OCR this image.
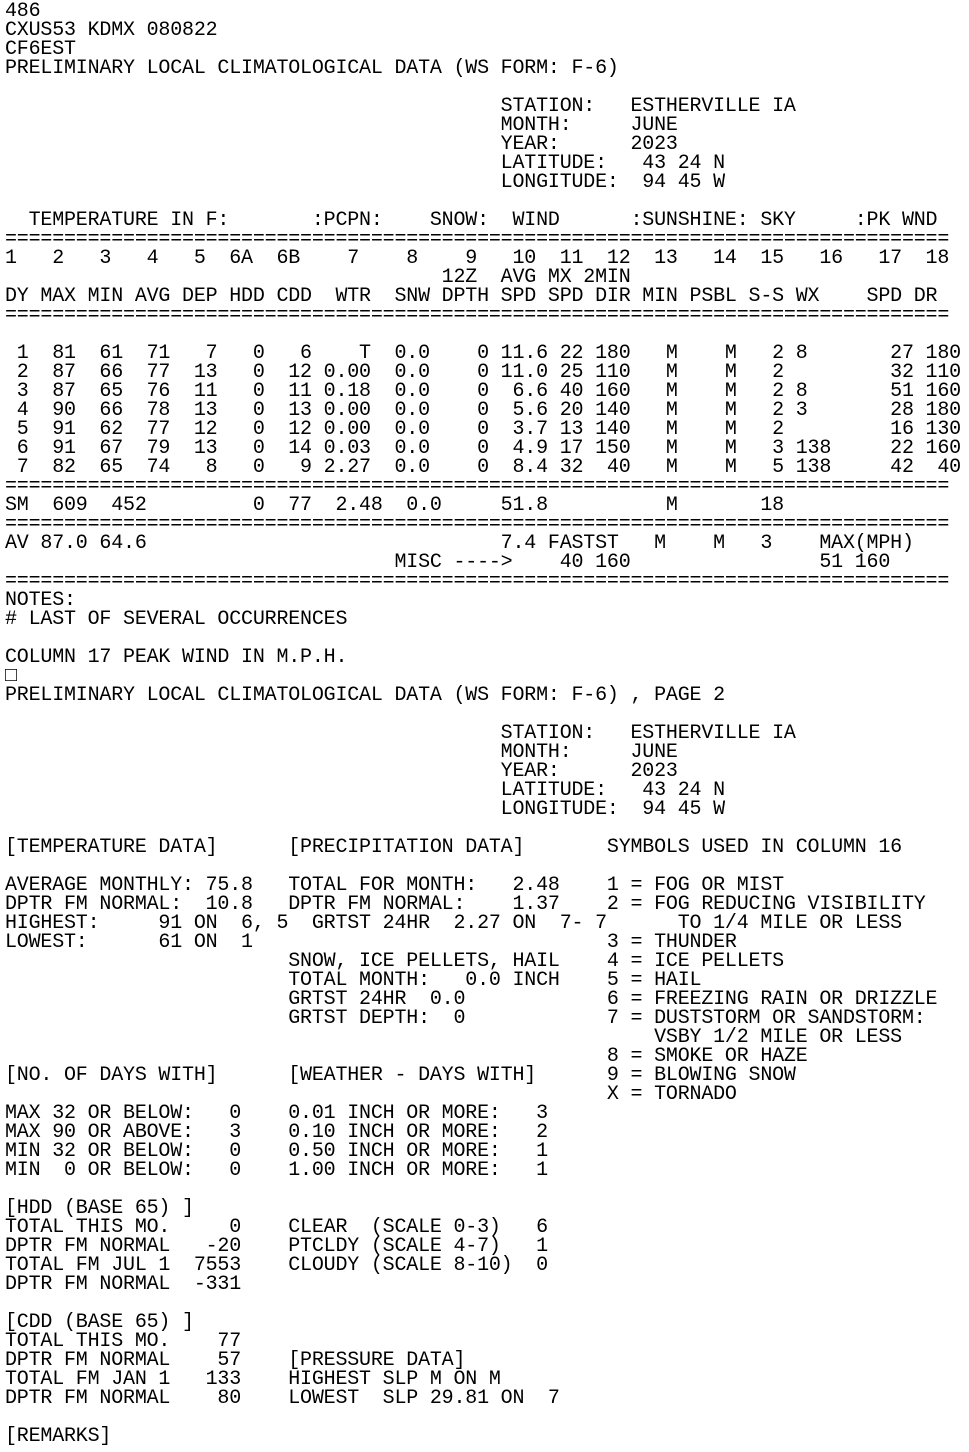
486
CXUS53 KDMX 080822
CF6EST
PRELIMINARY LOCAL CLIMATOLOGICAL DATA (WS FORM: F-6)

STATION:   ESTHERVILLE IA
MONTH:     JUNE
YEAR:      2023
LATITUDE:   43 24 N
LONGITUDE:  94 45 W

TEMPERATURE IN F:       :PCPN:    SNOW:  WIND      :SUNSHINE: SKY     :PK WND
================================================================================
1   2   3   4   5  6A  6B    7    8    9   10  11  12  13   14  15   16   17  18
12Z  AVG MX 2MIN
DY MAX MIN AVG DEP HDD CDD  WTR  SNW DPTH SPD SPD DIR MIN PSBL S-S WX    SPD DR
================================================================================

1  81  61  71   7   0   6    T  0.0    0 11.6 22 180   M    M   2 8       27 180
2  87  66  77  13   0  12 0.00  0.0    0 11.0 25 110   M    M   2         32 110
3  87  65  76  11   0  11 0.18  0.0    0  6.6 40 160   M    M   2 8       51 160
4  90  66  78  13   0  13 0.00  0.0    0  5.6 20 140   M    M   2 3       28 180
5  91  62  77  12   0  12 0.00  0.0    0  3.7 13 140   M    M   2         16 130
6  91  67  79  13   0  14 0.03  0.0    0  4.9 17 150   M    M   3 138     22 160
7  82  65  74   8   0   9 2.27  0.0    0  8.4 32  40   M    M   5 138     42  40
================================================================================
SM  609  452         0  77  2.48  0.0     51.8          M       18
================================================================================
AV 87.0 64.6                              7.4 FASTST   M    M   3    MAX(MPH)
MISC ---->    40 160                51 160
================================================================================
NOTES:
# LAST OF SEVERAL OCCURRENCES

COLUMN 17 PEAK WIND IN M.P.H.
□
PRELIMINARY LOCAL CLIMATOLOGICAL DATA (WS FORM: F-6) , PAGE 2

STATION:   ESTHERVILLE IA
MONTH:     JUNE
YEAR:      2023
LATITUDE:   43 24 N
LONGITUDE:  94 45 W

[TEMPERATURE DATA]      [PRECIPITATION DATA]       SYMBOLS USED IN COLUMN 16

AVERAGE MONTHLY: 75.8   TOTAL FOR MONTH:   2.48    1 = FOG OR MIST
DPTR FM NORMAL:  10.8   DPTR FM NORMAL:    1.37    2 = FOG REDUCING VISIBILITY
HIGHEST:     91 ON  6, 5  GRTST 24HR  2.27 ON  7- 7      TO 1/4 MILE OR LESS
LOWEST:      61 ON  1                              3 = THUNDER
SNOW, ICE PELLETS, HAIL    4 = ICE PELLETS
TOTAL MONTH:   0.0 INCH    5 = HAIL
GRTST 24HR  0.0            6 = FREEZING RAIN OR DRIZZLE
GRTST DEPTH:  0            7 = DUSTSTORM OR SANDSTORM:
VSBY 1/2 MILE OR LESS
8 = SMOKE OR HAZE
[NO. OF DAYS WITH]      [WEATHER - DAYS WITH]      9 = BLOWING SNOW
X = TORNADO
MAX 32 OR BELOW:   0    0.01 INCH OR MORE:   3
MAX 90 OR ABOVE:   3    0.10 INCH OR MORE:   2
MIN 32 OR BELOW:   0    0.50 INCH OR MORE:   1
MIN  0 OR BELOW:   0    1.00 INCH OR MORE:   1

[HDD (BASE 65) ]
TOTAL THIS MO.     0    CLEAR  (SCALE 0-3)   6
DPTR FM NORMAL   -20    PTCLDY (SCALE 4-7)   1
TOTAL FM JUL 1  7553    CLOUDY (SCALE 8-10)  0
DPTR FM NORMAL  -331

[CDD (BASE 65) ]
TOTAL THIS MO.    77
DPTR FM NORMAL    57    [PRESSURE DATA]
TOTAL FM JAN 1   133    HIGHEST SLP M ON M
DPTR FM NORMAL    80    LOWEST  SLP 29.81 ON  7

[REMARKS]
